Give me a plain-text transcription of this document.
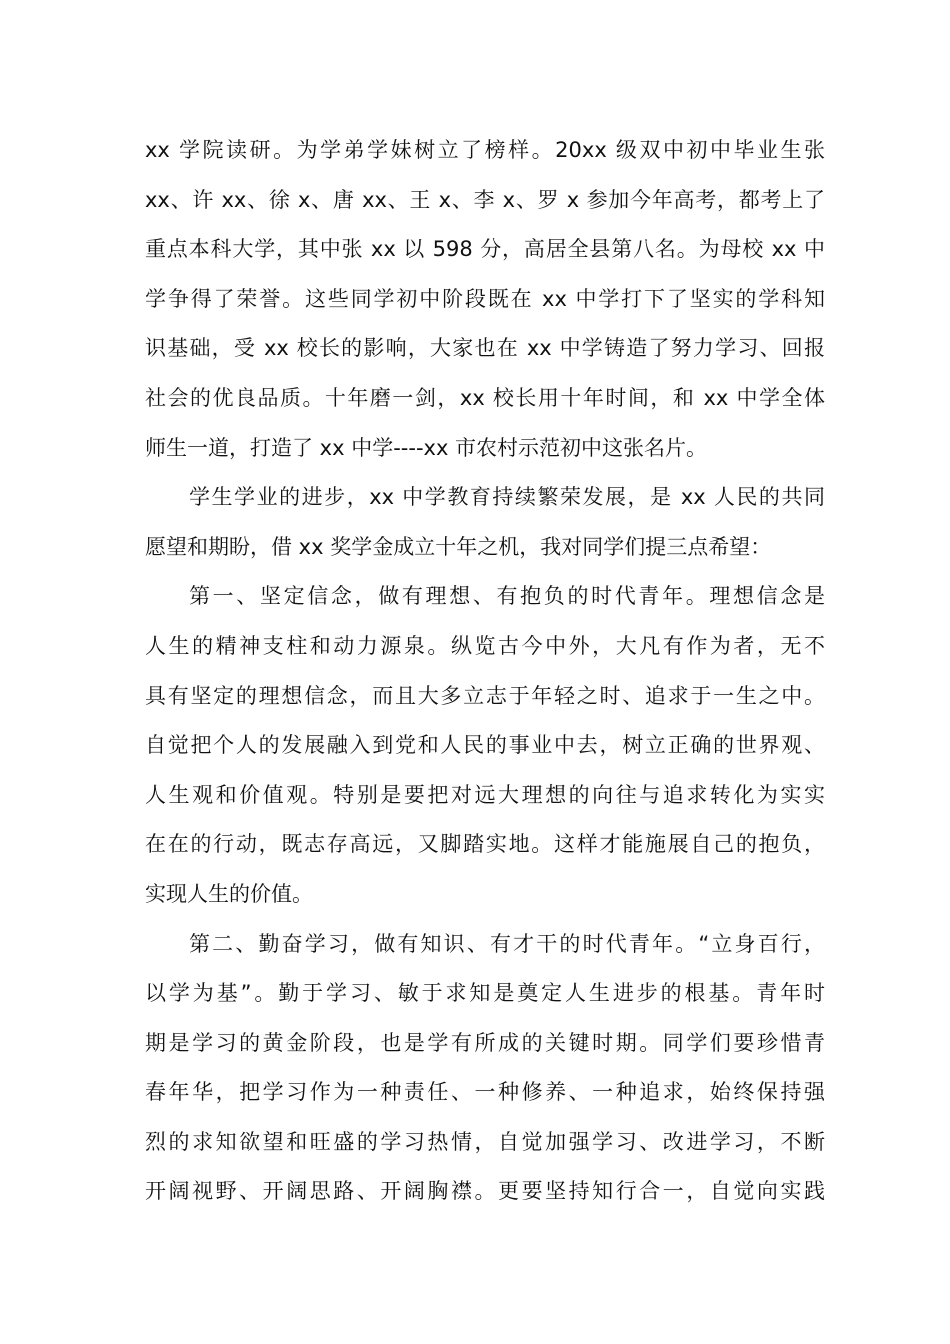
xx 学院读研。为学弟学妹树立了榜样。20xx 级双中初中毕业生张
xx、许 xx、徐 x、唐 xx、王 x、李 x、罗 x 参加今年高考，都考上了
重点本科大学，其中张 xx 以 598 分，高居全县第八名。为母校 xx 中
学争得了荣誉。这些同学初中阶段既在 xx 中学打下了坚实的学科知
识基础，受 xx 校长的影响，大家也在 xx 中学铸造了努力学习、回报
社会的优良品质。十年磨一剑，xx 校长用十年时间，和 xx 中学全体
师生一道，打造了 xx 中学----xx 市农村示范初中这张名片。
学生学业的进步，xx 中学教育持续繁荣发展，是 xx 人民的共同
愿望和期盼，借 xx 奖学金成立十年之机，我对同学们提三点希望：
第一、坚定信念，做有理想、有抱负的时代青年。理想信念是
人生的精神支柱和动力源泉。纵览古今中外，大凡有作为者，无不
具有坚定的理想信念，而且大多立志于年轻之时、追求于一生之中。
自觉把个人的发展融入到党和人民的事业中去，树立正确的世界观、
人生观和价值观。特别是要把对远大理想的向往与追求转化为实实
在在的行动，既志存高远，又脚踏实地。这样才能施展自己的抱负，
实现人生的价值。
第二、勤奋学习，做有知识、有才干的时代青年。“立身百行，
以学为基”。勤于学习、敏于求知是奠定人生进步的根基。青年时
期是学习的黄金阶段，也是学有所成的关键时期。同学们要珍惜青
春年华，把学习作为一种责任、一种修养、一种追求，始终保持强
烈的求知欲望和旺盛的学习热情，自觉加强学习、改进学习，不断
开阔视野、开阔思路、开阔胸襟。更要坚持知行合一，自觉向实践
